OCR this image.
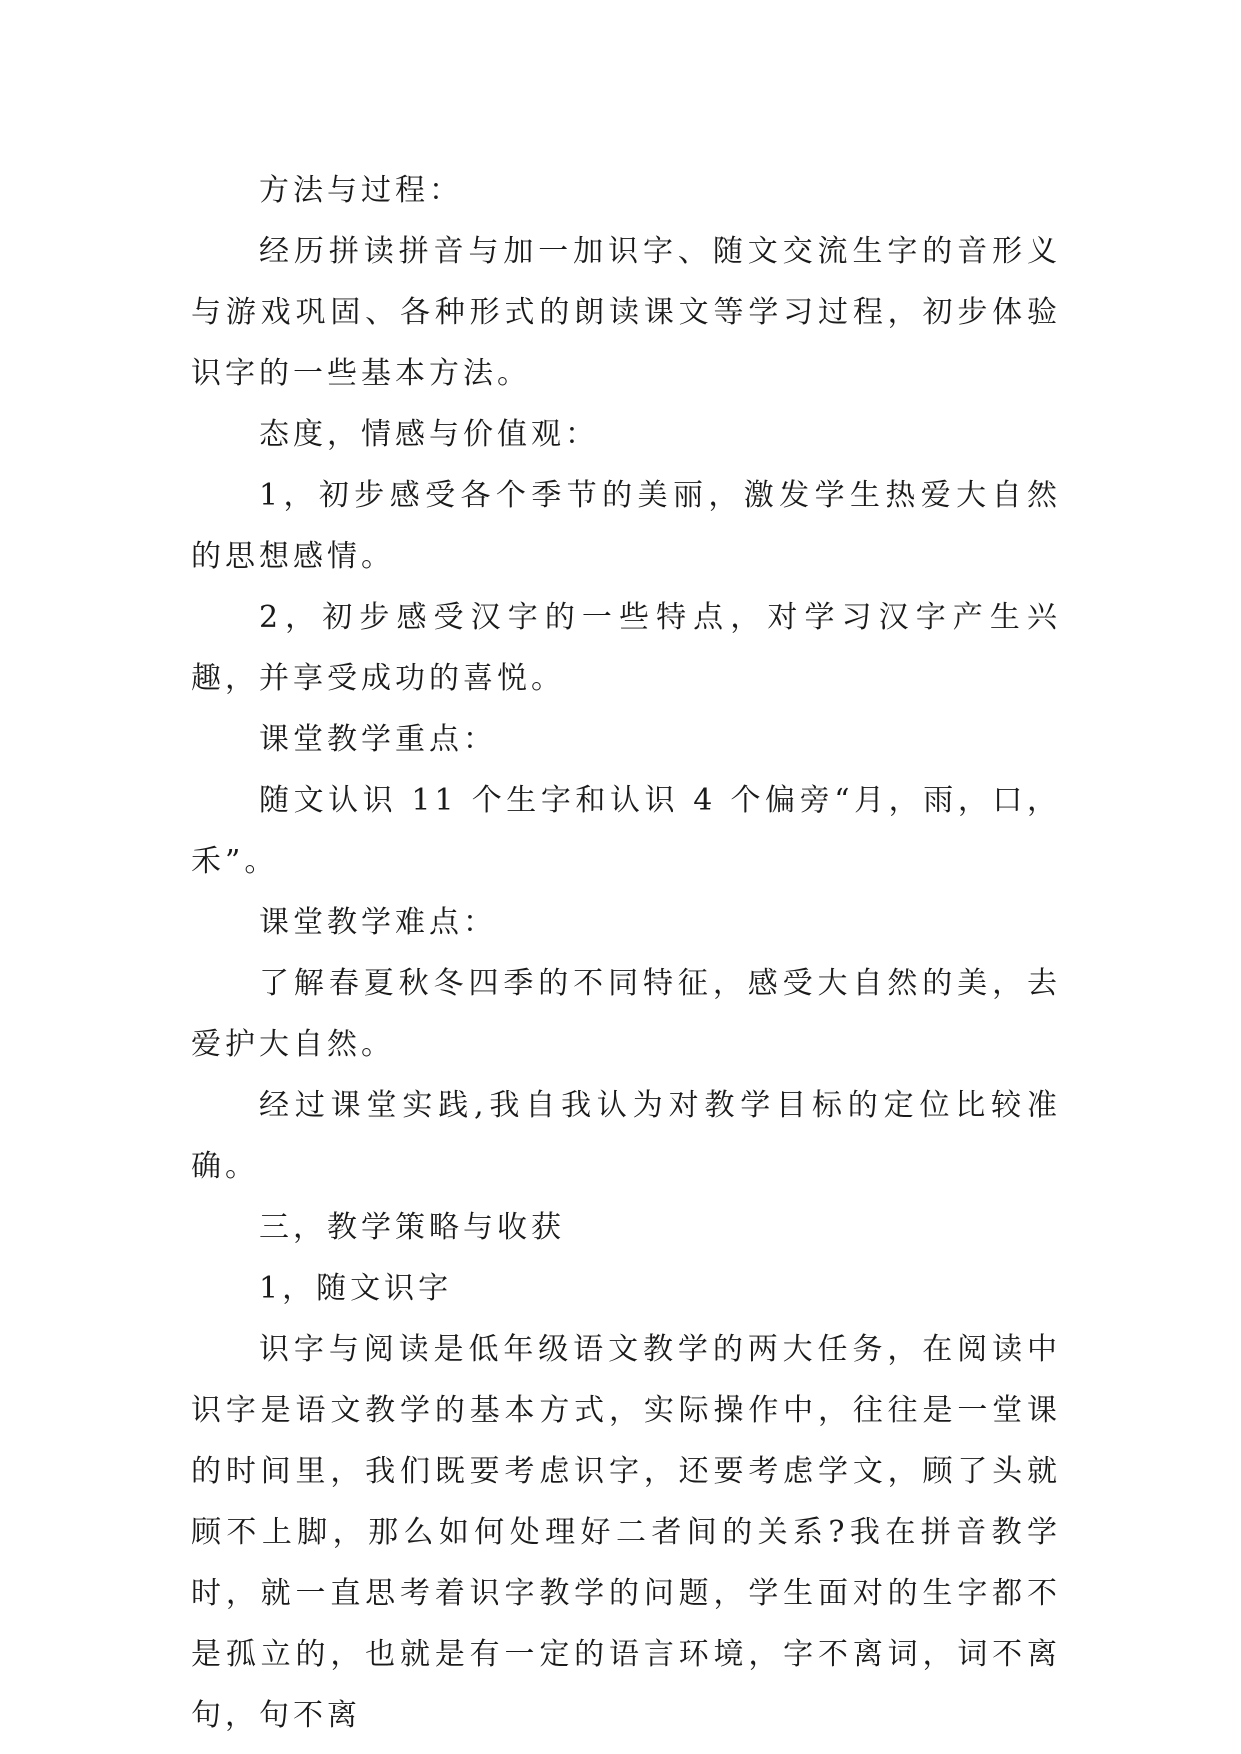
方法与过程：

经历拼读拼音与加一加识字、随文交流生字的音形义与游戏巩固、各种形式的朗读课文等学习过程，初步体验识字的一些基本方法。

态度，情感与价值观：

1，初步感受各个季节的美丽，激发学生热爱大自然的思想感情。

2，初步感受汉字的一些特点，对学习汉字产生兴趣，并享受成功的喜悦。

课堂教学重点：

随文认识 11 个生字和认识 4 个偏旁“月，雨，口，禾”。

课堂教学难点：

了解春夏秋冬四季的不同特征，感受大自然的美，去爱护大自然。

经过课堂实践,我自我认为对教学目标的定位比较准确。

三，教学策略与收获

1，随文识字

识字与阅读是低年级语文教学的两大任务，在阅读中识字是语文教学的基本方式，实际操作中，往往是一堂课的时间里，我们既要考虑识字，还要考虑学文，顾了头就顾不上脚，那么如何处理好二者间的关系?我在拼音教学时，就一直思考着识字教学的问题，学生面对的生字都不是孤立的，也就是有一定的语言环境，字不离词，词不离句，句不离
